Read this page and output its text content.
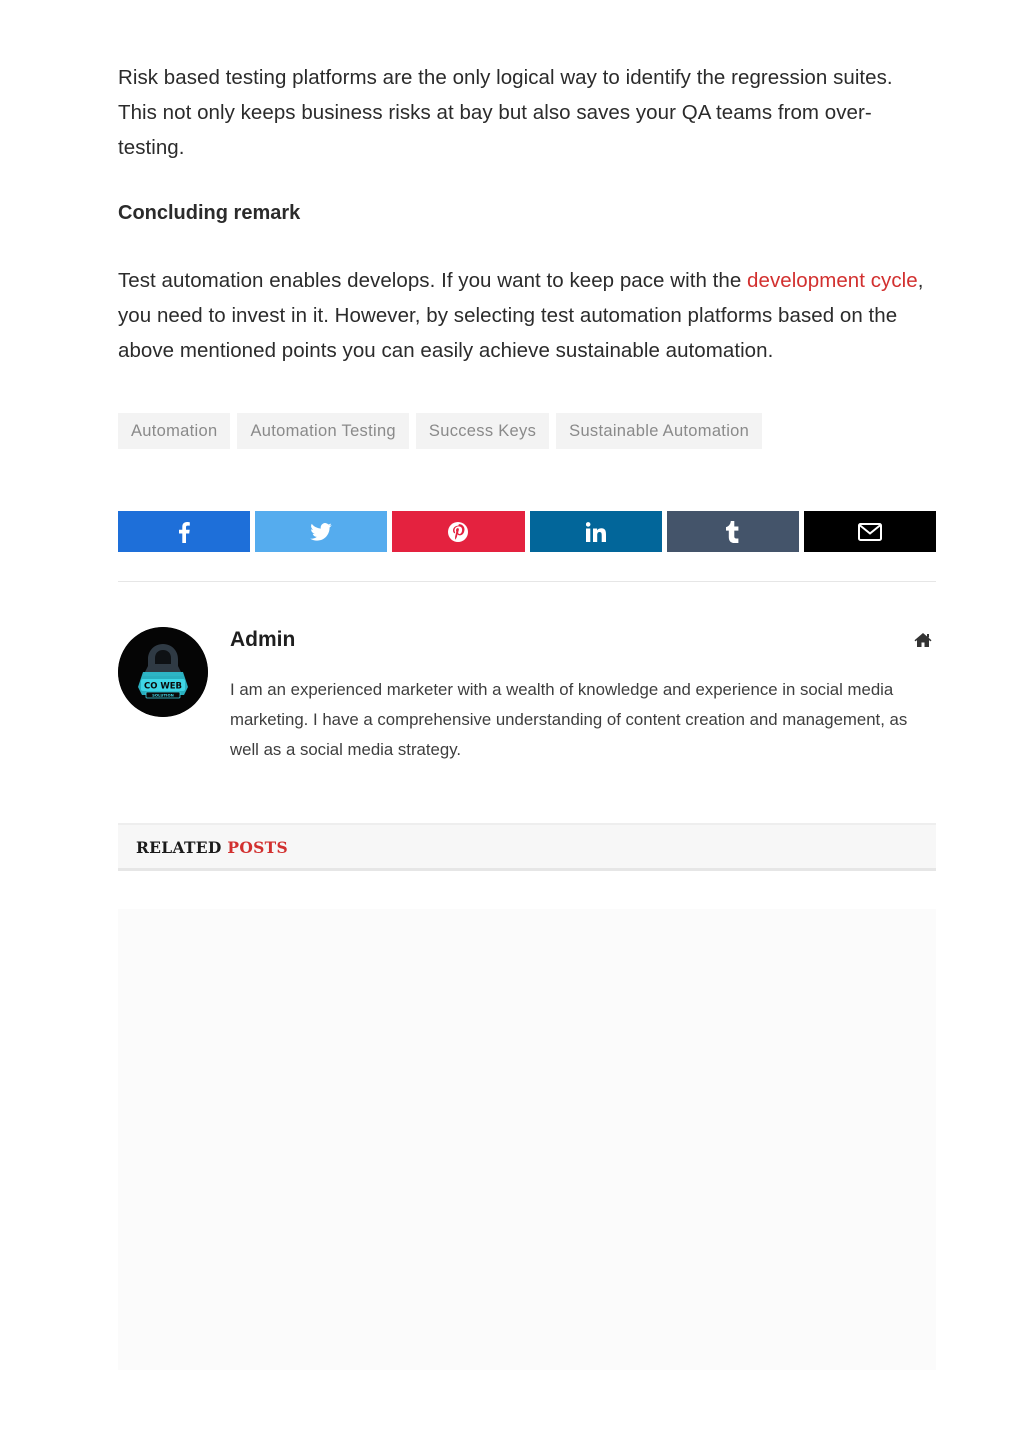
Risk based testing platforms are the only logical way to identify the regression suites. This not only keeps business risks at bay but also saves your QA teams from over-testing.

Concluding remark

Test automation enables develops. If you want to keep pace with the development cycle, you need to invest in it. However, by selecting test automation platforms based on the above mentioned points you can easily achieve sustainable automation.

Automation	Automation Testing	Success Keys	Sustainable Automation
CO WEB
SOLUTION
Admin

I am an experienced marketer with a wealth of knowledge and experience in social media marketing. I have a comprehensive understanding of content creation and management, as well as a social media strategy.

RELATED POSTS
